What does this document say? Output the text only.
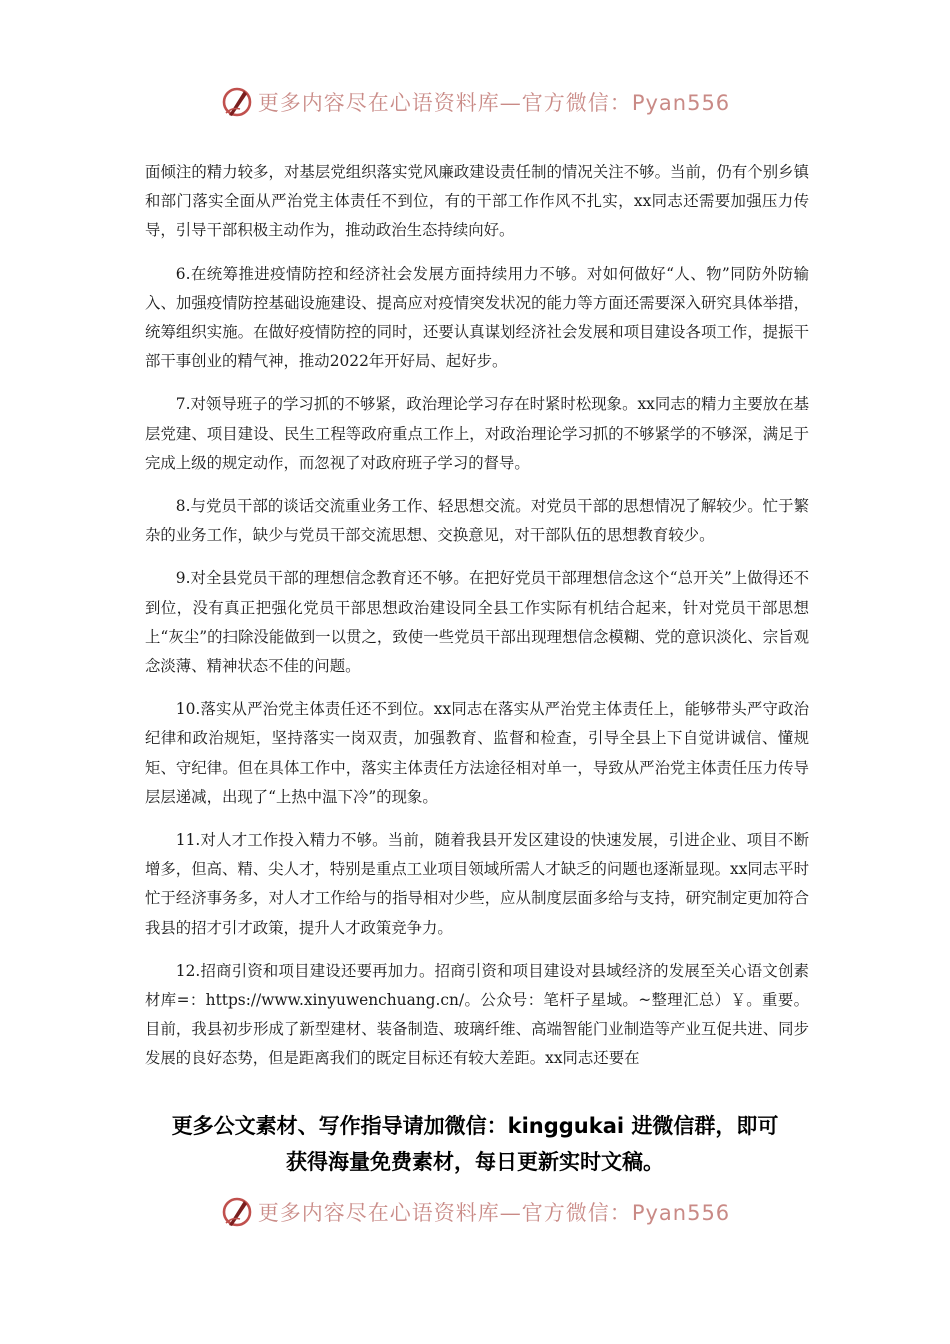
更多内容尽在心语资料库—官方微信：Pyan556

面倾注的精力较多，对基层党组织落实党风廉政建设责任制的情况关注不够。当前，仍有个别乡镇和部门落实全面从严治党主体责任不到位，有的干部工作作风不扎实，xx同志还需要加强压力传导，引导干部积极主动作为，推动政治生态持续向好。

6.在统筹推进疫情防控和经济社会发展方面持续用力不够。对如何做好“人、物”同防外防输入、加强疫情防控基础设施建设、提高应对疫情突发状况的能力等方面还需要深入研究具体举措，统筹组织实施。在做好疫情防控的同时，还要认真谋划经济社会发展和项目建设各项工作，提振干部干事创业的精气神，推动2022年开好局、起好步。

7.对领导班子的学习抓的不够紧，政治理论学习存在时紧时松现象。xx同志的精力主要放在基层党建、项目建设、民生工程等政府重点工作上，对政治理论学习抓的不够紧学的不够深，满足于完成上级的规定动作，而忽视了对政府班子学习的督导。

8.与党员干部的谈话交流重业务工作、轻思想交流。对党员干部的思想情况了解较少。忙于繁杂的业务工作，缺少与党员干部交流思想、交换意见，对干部队伍的思想教育较少。

9.对全县党员干部的理想信念教育还不够。在把好党员干部理想信念这个“总开关”上做得还不到位，没有真正把强化党员干部思想政治建设同全县工作实际有机结合起来，针对党员干部思想上“灰尘”的扫除没能做到一以贯之，致使一些党员干部出现理想信念模糊、党的意识淡化、宗旨观念淡薄、精神状态不佳的问题。

10.落实从严治党主体责任还不到位。xx同志在落实从严治党主体责任上，能够带头严守政治纪律和政治规矩，坚持落实一岗双责，加强教育、监督和检查，引导全县上下自觉讲诚信、懂规矩、守纪律。但在具体工作中，落实主体责任方法途径相对单一，导致从严治党主体责任压力传导层层递减，出现了“上热中温下冷”的现象。

11.对人才工作投入精力不够。当前，随着我县开发区建设的快速发展，引进企业、项目不断增多，但高、精、尖人才，特别是重点工业项目领域所需人才缺乏的问题也逐渐显现。xx同志平时忙于经济事务多，对人才工作给与的指导相对少些，应从制度层面多给与支持，研究制定更加符合我县的招才引才政策，提升人才政策竞争力。

12.招商引资和项目建设还要再加力。招商引资和项目建设对县域经济的发展至关心语文创素材库=：https://www.xinyuwenchuang.cn/。公众号：笔杆子星域。~整理汇总）￥。重要。目前，我县初步形成了新型建材、装备制造、玻璃纤维、高端智能门业制造等产业互促共进、同步发展的良好态势，但是距离我们的既定目标还有较大差距。xx同志还要在

更多公文素材、写作指导请加微信：kinggukai 进微信群，即可
获得海量免费素材，每日更新实时文稿。
更多内容尽在心语资料库—官方微信：Pyan556
